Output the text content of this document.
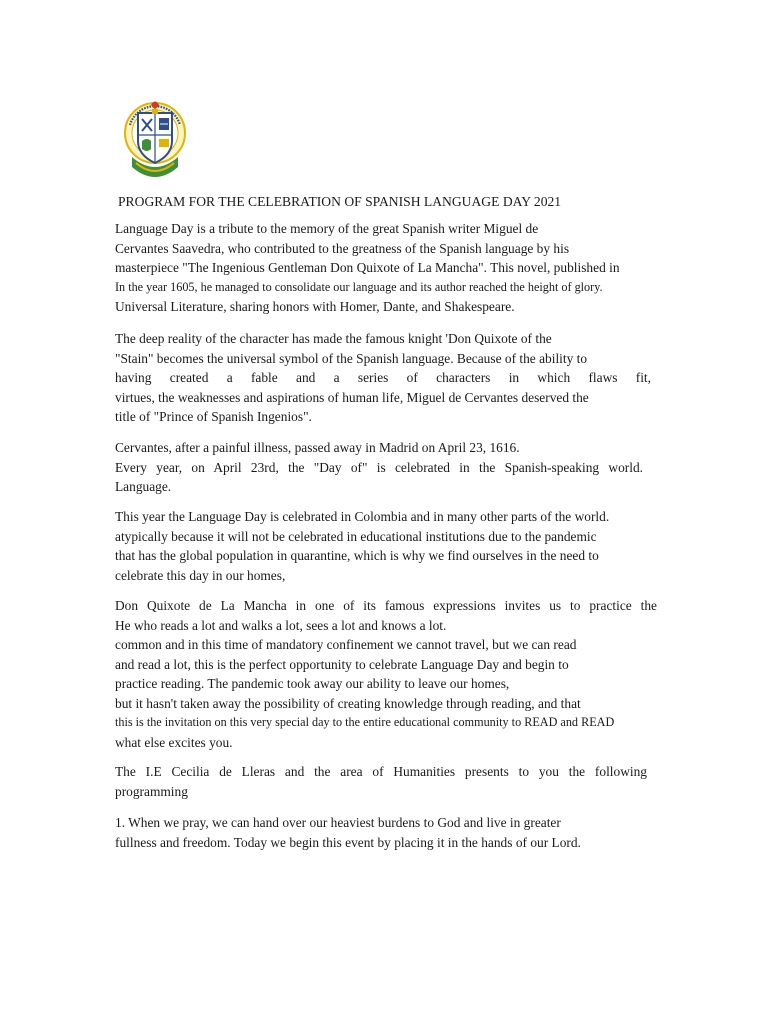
PROGRAM FOR THE CELEBRATION OF SPANISH LANGUAGE DAY 2021
Language Day is a tribute to the memory of the great Spanish writer Miguel de
Cervantes Saavedra, who contributed to the greatness of the Spanish language by his
masterpiece "The Ingenious Gentleman Don Quixote of La Mancha". This novel, published in
In the year 1605, he managed to consolidate our language and its author reached the height of glory.
Universal Literature, sharing honors with Homer, Dante, and Shakespeare.
The deep reality of the character has made the famous knight 'Don Quixote of the
"Stain" becomes the universal symbol of the Spanish language. Because of the ability to
having created a fable and a series of characters in which flaws fit,
virtues, the weaknesses and aspirations of human life, Miguel de Cervantes deserved the
title of "Prince of Spanish Ingenios".
Cervantes, after a painful illness, passed away in Madrid on April 23, 1616.
Every year, on April 23rd, the "Day of" is celebrated in the Spanish-speaking world.
Language.
This year the Language Day is celebrated in Colombia and in many other parts of the world.
atypically because it will not be celebrated in educational institutions due to the pandemic
that has the global population in quarantine, which is why we find ourselves in the need to
celebrate this day in our homes,
Don Quixote de La Mancha in one of its famous expressions invites us to practice the
He who reads a lot and walks a lot, sees a lot and knows a lot.
common and in this time of mandatory confinement we cannot travel, but we can read
and read a lot, this is the perfect opportunity to celebrate Language Day and begin to
practice reading. The pandemic took away our ability to leave our homes,
but it hasn't taken away the possibility of creating knowledge through reading, and that
this is the invitation on this very special day to the entire educational community to READ and READ
what else excites you.
The I.E Cecilia de Lleras and the area of Humanities presents to you the following
programming
1. When we pray, we can hand over our heaviest burdens to God and live in greater
fullness and freedom. Today we begin this event by placing it in the hands of our Lord.
